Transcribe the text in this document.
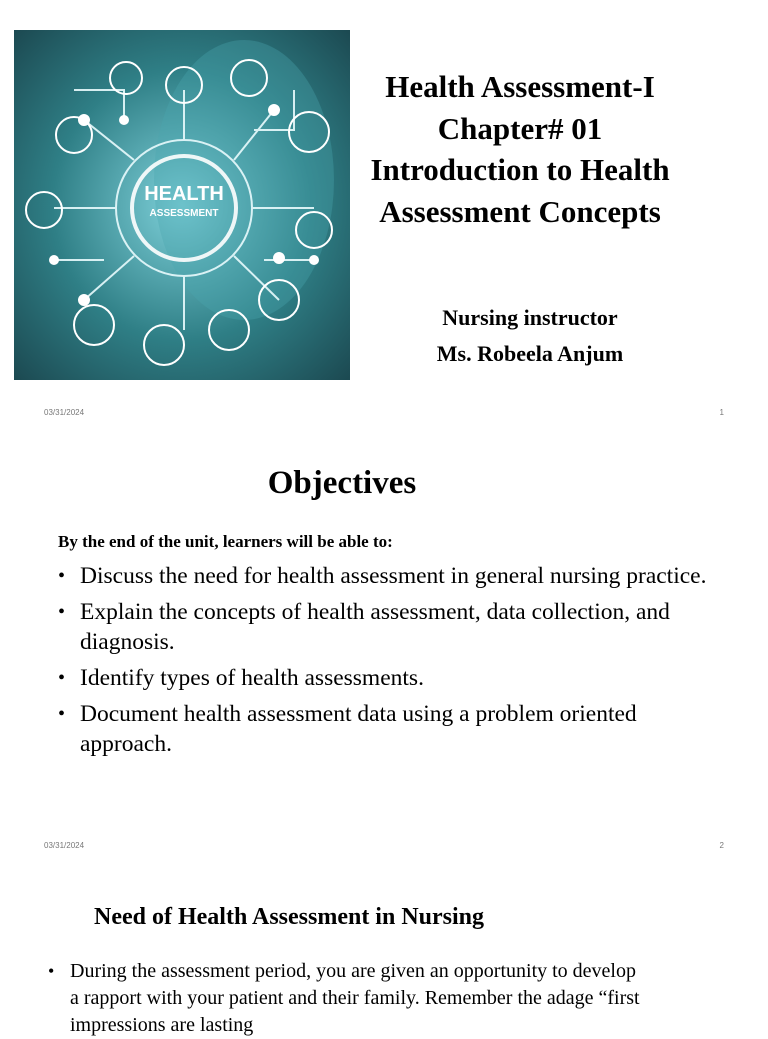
HEALTH
ASSESSMENT
Health Assessment-I
Chapter# 01
Introduction to Health
Assessment Concepts
Nursing instructor
Ms. Robeela Anjum
03/31/2024	1
Objectives
By the end of the unit, learners will be able to:
• Discuss the need for health assessment in general nursing practice.
• Explain the concepts of health assessment, data collection, and diagnosis.
• Identify types of health assessments.
• Document health assessment data using a problem oriented approach.
03/31/2024	2
Need of Health Assessment in Nursing
• During the assessment period, you are given an opportunity to develop a rapport with your patient and their family. Remember the adage “first impressions are lasting
